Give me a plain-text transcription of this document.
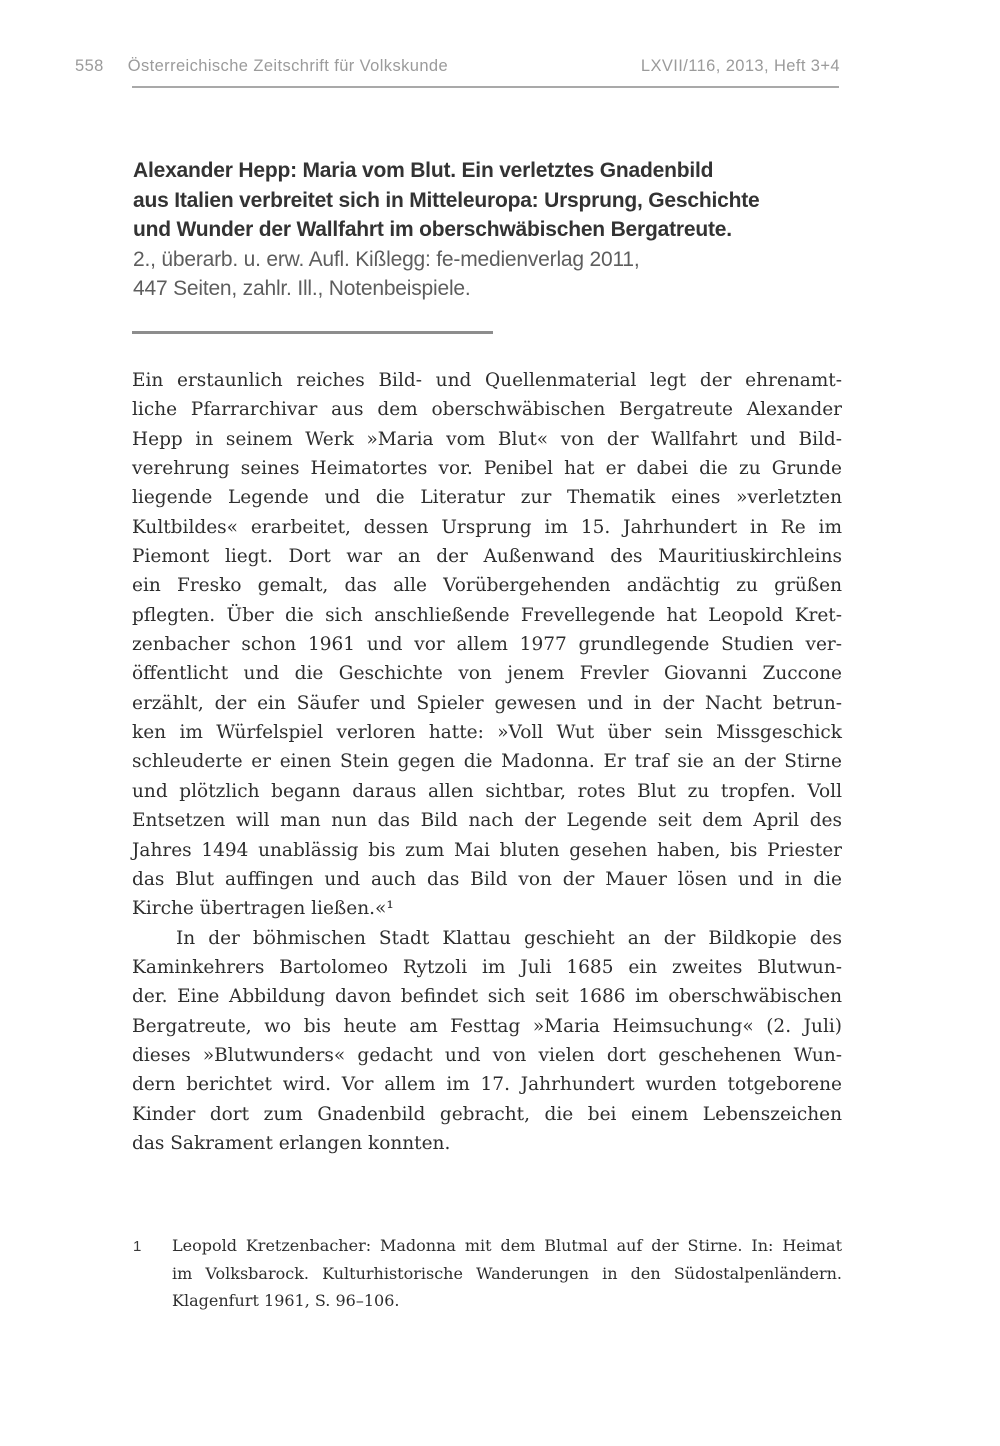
558 Österreichische Zeitschrift für Volkskunde	LXVII/116, 2013, Heft 3+4
Alexander Hepp: Maria vom Blut. Ein verletztes Gnadenbild
aus Italien verbreitet sich in Mitteleuropa: Ursprung, Geschichte
und Wunder der Wallfahrt im oberschwäbischen Bergatreute.
2., überarb. u. erw. Aufl. Kißlegg: fe-medienverlag 2011,
447 Seiten, zahlr. Ill., Notenbeispiele.
Ein erstaunlich reiches Bild- und Quellenmaterial legt der ehrenamt-
liche Pfarrarchivar aus dem oberschwäbischen Bergatreute Alexander
Hepp in seinem Werk »Maria vom Blut« von der Wallfahrt und Bild-
verehrung seines Heimatortes vor. Penibel hat er dabei die zu Grunde
liegende Legende und die Literatur zur Thematik eines »verletzten
Kultbildes« erarbeitet, dessen Ursprung im 15. Jahrhundert in Re im
Piemont liegt. Dort war an der Außenwand des Mauritiuskirchleins
ein Fresko gemalt, das alle Vorübergehenden andächtig zu grüßen
pflegten. Über die sich anschließende Frevellegende hat Leopold Kret-
zenbacher schon 1961 und vor allem 1977 grundlegende Studien ver-
öffentlicht und die Geschichte von jenem Frevler Giovanni Zuccone
erzählt, der ein Säufer und Spieler gewesen und in der Nacht betrun-
ken im Würfelspiel verloren hatte: »Voll Wut über sein Missgeschick
schleuderte er einen Stein gegen die Madonna. Er traf sie an der Stirne
und plötzlich begann daraus allen sichtbar, rotes Blut zu tropfen. Voll
Entsetzen will man nun das Bild nach der Legende seit dem April des
Jahres 1494 unablässig bis zum Mai bluten gesehen haben, bis Priester
das Blut auffingen und auch das Bild von der Mauer lösen und in die
Kirche übertragen ließen.«¹
In der böhmischen Stadt Klattau geschieht an der Bildkopie des
Kaminkehrers Bartolomeo Rytzoli im Juli 1685 ein zweites Blutwun-
der. Eine Abbildung davon befindet sich seit 1686 im oberschwäbischen
Bergatreute, wo bis heute am Festtag »Maria Heimsuchung« (2. Juli)
dieses »Blutwunders« gedacht und von vielen dort geschehenen Wun-
dern berichtet wird. Vor allem im 17. Jahrhundert wurden totgeborene
Kinder dort zum Gnadenbild gebracht, die bei einem Lebenszeichen
das Sakrament erlangen konnten.
1 Leopold Kretzenbacher: Madonna mit dem Blutmal auf der Stirne. In: Heimat
im Volksbarock. Kulturhistorische Wanderungen in den Südostalpenländern.
Klagenfurt 1961, S. 96–106.
